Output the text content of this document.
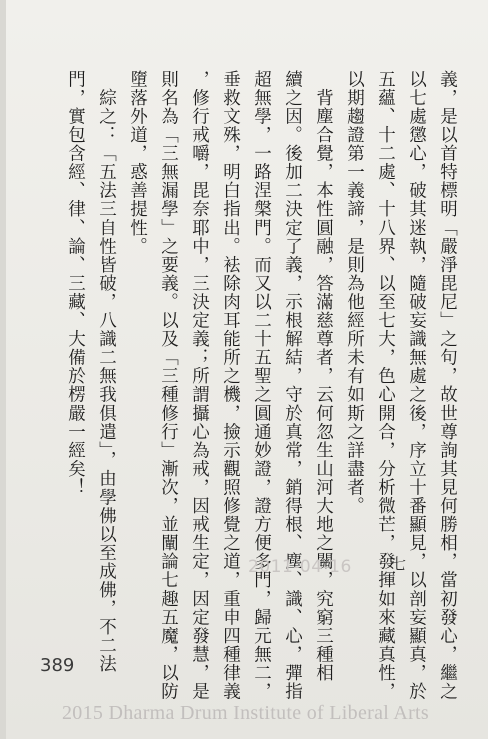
義，是以首特標明「嚴淨毘尼」之句，故世尊詢其見何勝相，當初發心，繼之
以七處懲心，破其迷執，隨破妄識無處之後，序立十番顯見，以剖妄顯真，於
五蘊、十二處、十八界、以至七大，色心開合，分析微芒，發揮如來藏真性，
以期趨證第一義諦，是則為他經所未有如斯之詳盡者。
　背塵合覺，本性圓融，答滿慈尊者，云何忽生山河大地之關，究窮三種相
續之因。後加二決定了義，示根解結，守於真常，銷得根、塵、識、心，彈指
超無學，一路涅槃門。而又以二十五聖之圓通妙證，證方便多門，歸元無二，
垂救文殊，明白指出。袪除肉耳能所之機，撿示觀照修覺之道，重申四種律義
，修行戒嚼，毘奈耶中，三決定義；所謂攝心為戒，因戒生定，因定發慧，是
則名為「三無漏學」之要義。以及「三種修行」漸次，並闡論七趣五魔，以防
墮落外道，惑善提性。
　綜之：「五法三自性皆破，八識二無我俱遣」，由學佛以至成佛，不二法
門，實包含經、律、論、三藏、大備於楞嚴一經矣！
七
2011-04-16
389
2015 Dharma Drum Institute of Liberal Arts
